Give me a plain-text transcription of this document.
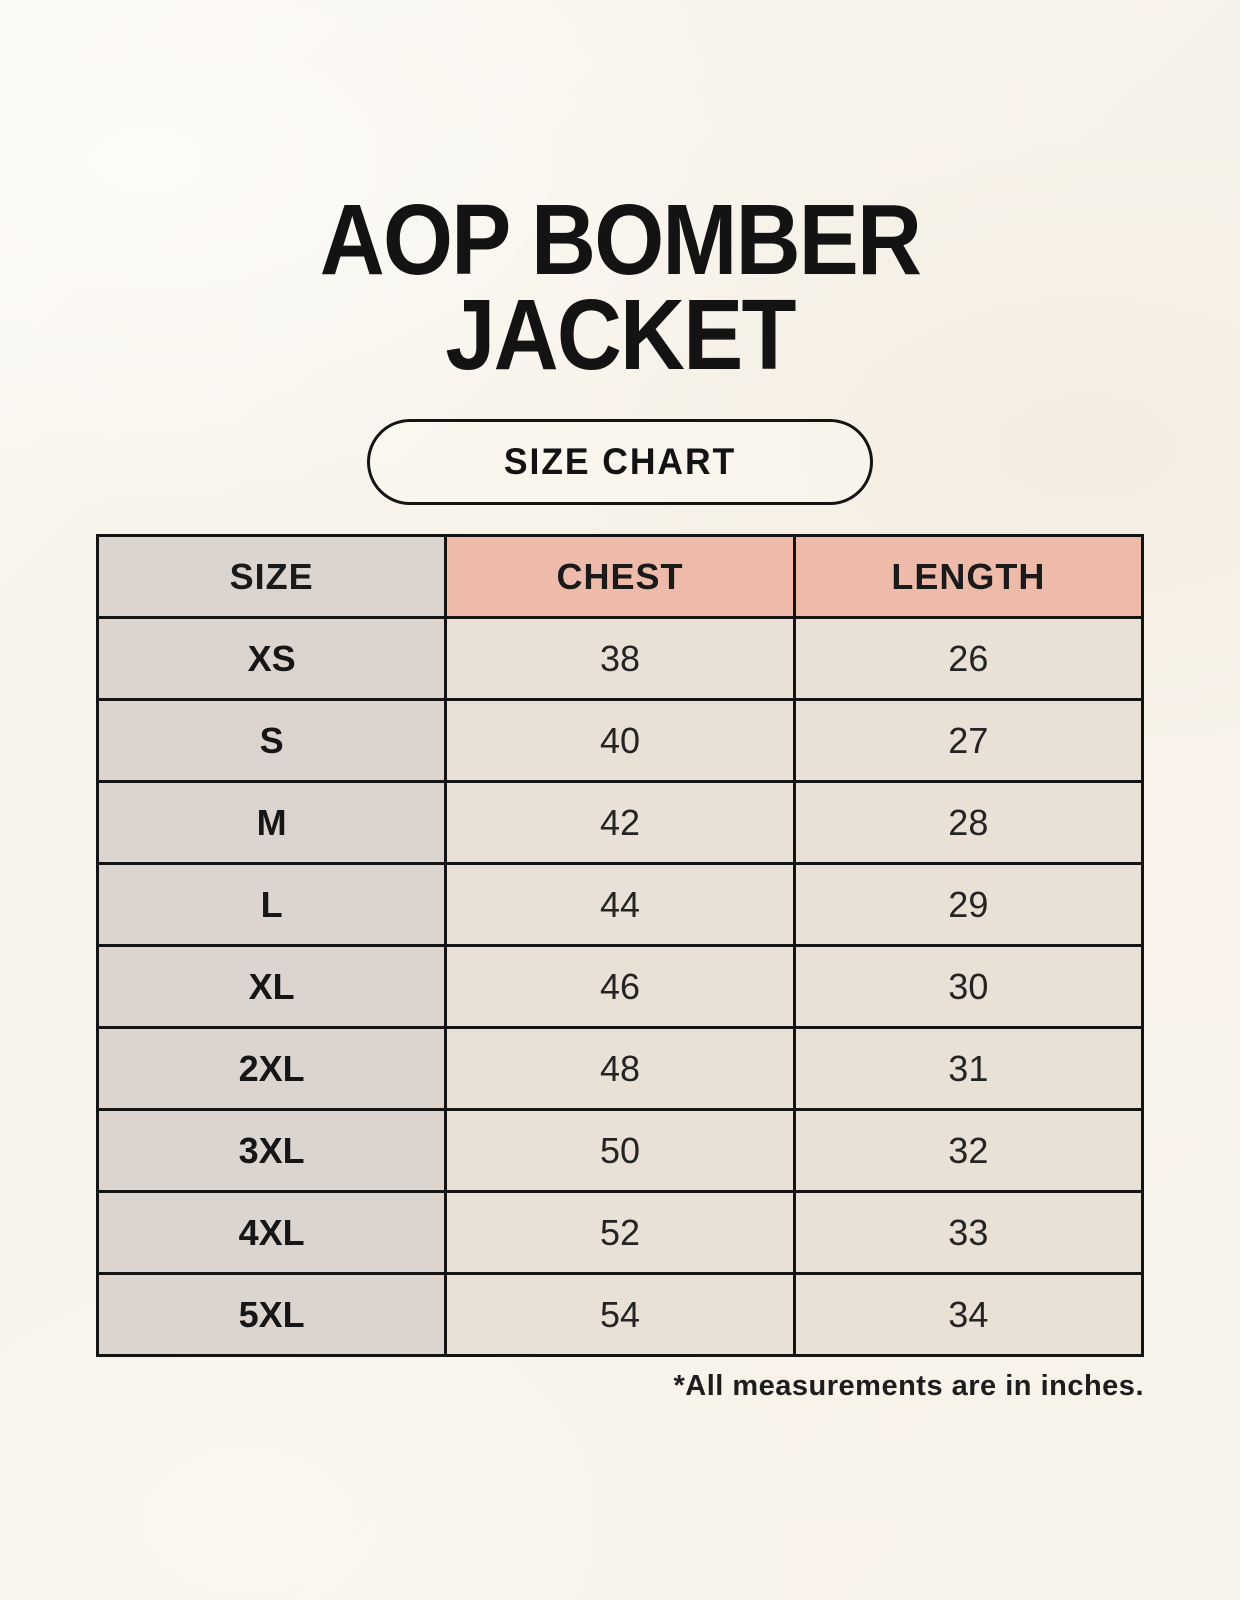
AOP BOMBER JACKET
SIZE CHART
SIZE	CHEST	LENGTH
XS	38	26
S	40	27
M	42	28
L	44	29
XL	46	30
2XL	48	31
3XL	50	32
4XL	52	33
5XL	54	34

*All measurements are in inches.
